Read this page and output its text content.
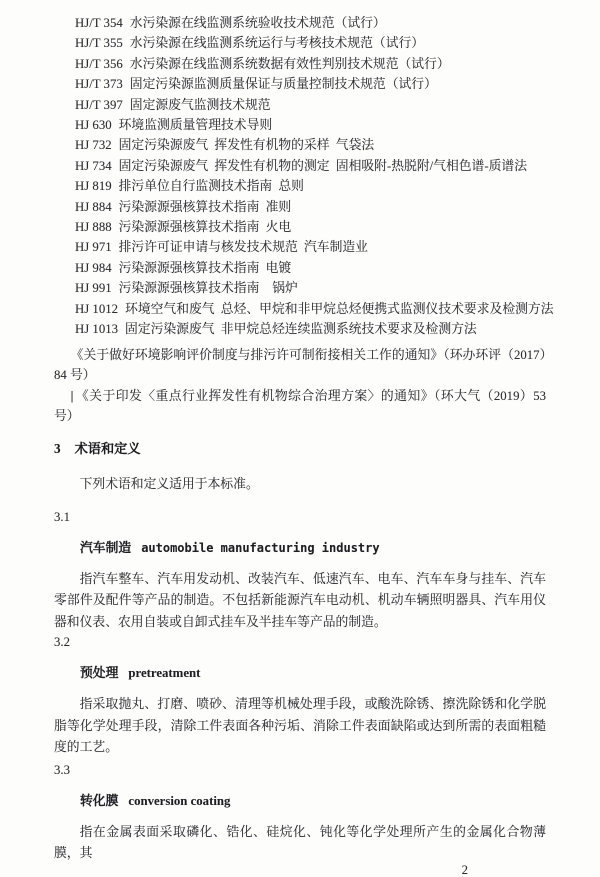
HJ/T 354 水污染源在线监测系统验收技术规范（试行）
HJ/T 355 水污染源在线监测系统运行与考核技术规范（试行）
HJ/T 356 水污染源在线监测系统数据有效性判别技术规范（试行）
HJ/T 373 固定污染源监测质量保证与质量控制技术规范（试行）
HJ/T 397 固定源废气监测技术规范
HJ 630 环境监测质量管理技术导则
HJ 732 固定污染源废气 挥发性有机物的采样 气袋法
HJ 734 固定污染源废气 挥发性有机物的测定 固相吸附-热脱附/气相色谱-质谱法
HJ 819 排污单位自行监测技术指南 总则
HJ 884 污染源源强核算技术指南 准则
HJ 888 污染源源强核算技术指南 火电
HJ 971 排污许可证申请与核发技术规范 汽车制造业
HJ 984 污染源源强核算技术指南 电镀
HJ 991 污染源源强核算技术指南　锅炉
HJ 1012 环境空气和废气 总烃、甲烷和非甲烷总烃便携式监测仪技术要求及检测方法
HJ 1013 固定污染源废气 非甲烷总烃连续监测系统技术要求及检测方法
《关于做好环境影响评价制度与排污许可制衔接相关工作的通知》（环办环评（2017）84 号）
| 《关于印发〈重点行业挥发性有机物综合治理方案〉的通知》（环大气（2019）53 号）
3 术语和定义

下列术语和定义适用于本标准。

3.1
汽车制造 automobile manufacturing industry

指汽车整车、汽车用发动机、改装汽车、低速汽车、电车、汽车车身与挂车、汽车零部件及配件等产品的制造。不包括新能源汽车电动机、机动车辆照明器具、汽车用仪器和仪表、农用自装或自卸式挂车及半挂车等产品的制造。

3.2
预处理 pretreatment

指采取抛丸、打磨、喷砂、清理等机械处理手段，或酸洗除锈、擦洗除锈和化学脱脂等化学处理手段，清除工件表面各种污垢、消除工件表面缺陷或达到所需的表面粗糙度的工艺。

3.3
转化膜 conversion coating

指在金属表面采取磷化、锆化、硅烷化、钝化等化学处理所产生的金属化合物薄膜，其

2
